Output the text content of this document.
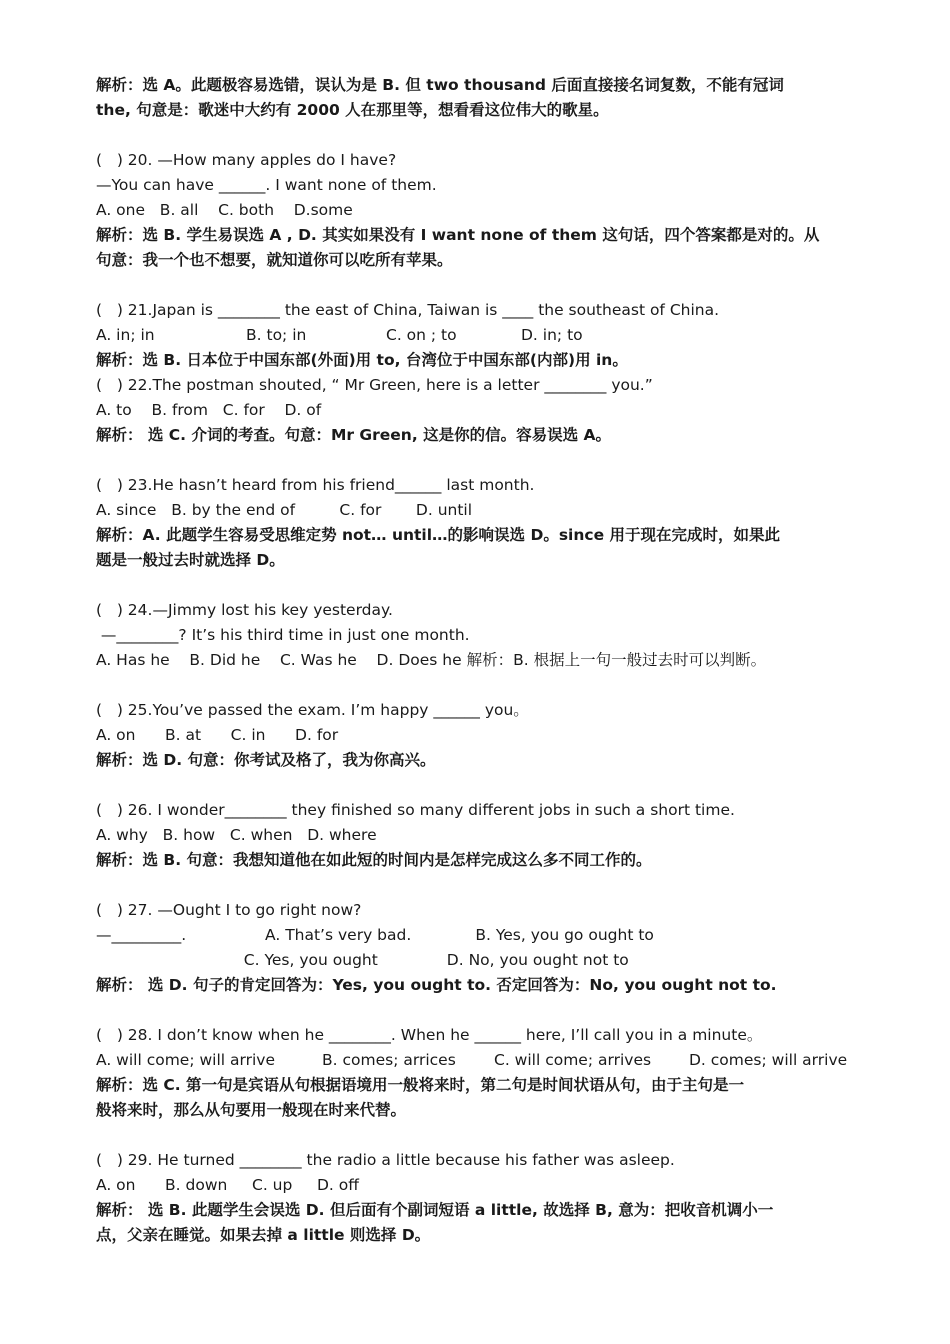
解析：选 A。此题极容易选错，误认为是 B. 但 two thousand 后面直接接名词复数，不能有冠词
the, 句意是：歌迷中大约有 2000 人在那里等，想看看这位伟大的歌星。
(   ) 20. —How many apples do I have?
—You can have ______. I want none of them.
A. one   B. all    C. both    D.some
解析：选 B. 学生易误选 A , D. 其实如果没有 I want none of them 这句话，四个答案都是对的。从
句意：我一个也不想要，就知道你可以吃所有苹果。
(   ) 21.Japan is ________ the east of China, Taiwan is ____ the southeast of China.
A. in; in	B. to; in	C. on ; to	D. in; to
解析：选 B. 日本位于中国东部(外面)用 to, 台湾位于中国东部(内部)用 in。
(   ) 22.The postman shouted, “ Mr Green, here is a letter ________ you.”
A. to    B. from   C. for    D. of
解析： 选 C. 介词的考查。句意：Mr Green, 这是你的信。容易误选 A。
(   ) 23.He hasn’t heard from his friend______ last month.
A. since   B. by the end of         C. for       D. until
解析：A. 此题学生容易受思维定势 not… until…的影响误选 D。since 用于现在完成时，如果此
题是一般过去时就选择 D。
(   ) 24.—Jimmy lost his key yesterday.
—________? It’s his third time in just one month.
A. Has he    B. Did he    C. Was he    D. Does he 解析：B. 根据上一句一般过去时可以判断。
(   ) 25.You’ve passed the exam. I’m happy ______ you。
A. on      B. at      C. in      D. for
解析：选 D. 句意：你考试及格了，我为你高兴。
(   ) 26. I wonder________ they finished so many different jobs in such a short time.
A. why   B. how   C. when   D. where
解析：选 B. 句意：我想知道他在如此短的时间内是怎样完成这么多不同工作的。
(   ) 27. —Ought I to go right now?
—_________.                A. That’s very bad.             B. Yes, you go ought to
C. Yes, you ought              D. No, you ought not to
解析： 选 D. 句子的肯定回答为：Yes, you ought to. 否定回答为：No, you ought not to.
(   ) 28. I don’t know when he ________. When he ______ here, I’ll call you in a minute。
A. will come; will arrive	B. comes; arrices	C. will come; arrives	D. comes; will arrive
解析：选 C. 第一句是宾语从句根据语境用一般将来时，第二句是时间状语从句，由于主句是一
般将来时，那么从句要用一般现在时来代替。
(   ) 29. He turned ________ the radio a little because his father was asleep.
A. on      B. down     C. up     D. off
解析： 选 B. 此题学生会误选 D. 但后面有个副词短语 a little, 故选择 B, 意为：把收音机调小一
点，父亲在睡觉。如果去掉 a little 则选择 D。
